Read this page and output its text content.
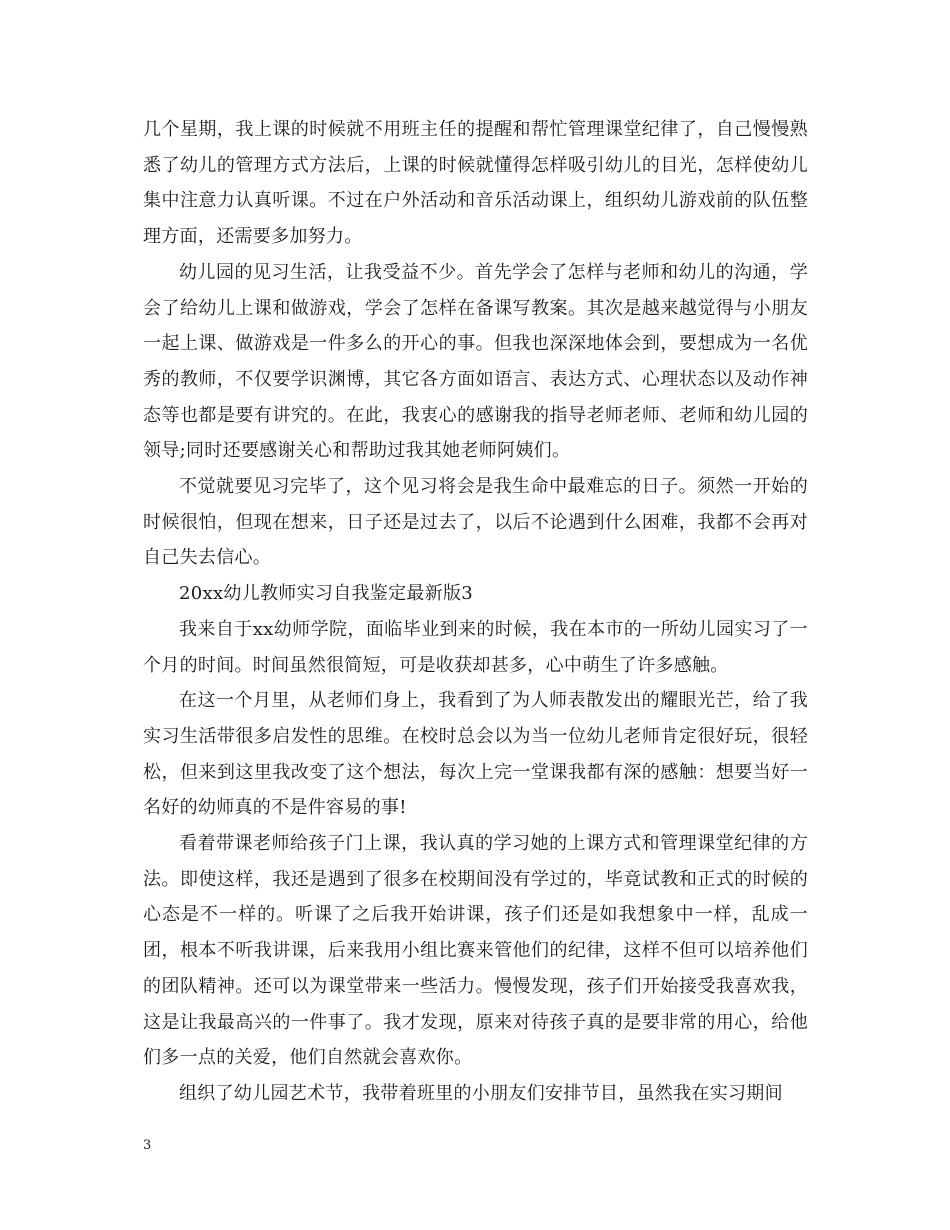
几个星期，我上课的时候就不用班主任的提醒和帮忙管理课堂纪律了，自己慢慢熟悉了幼儿的管理方式方法后，上课的时候就懂得怎样吸引幼儿的目光，怎样使幼儿集中注意力认真听课。不过在户外活动和音乐活动课上，组织幼儿游戏前的队伍整理方面，还需要多加努力。

幼儿园的见习生活，让我受益不少。首先学会了怎样与老师和幼儿的沟通，学会了给幼儿上课和做游戏，学会了怎样在备课写教案。其次是越来越觉得与小朋友一起上课、做游戏是一件多么的开心的事。但我也深深地体会到，要想成为一名优秀的教师，不仅要学识渊博，其它各方面如语言、表达方式、心理状态以及动作神态等也都是要有讲究的。在此，我衷心的感谢我的指导老师老师、老师和幼儿园的领导;同时还要感谢关心和帮助过我其她老师阿姨们。

不觉就要见习完毕了，这个见习将会是我生命中最难忘的日子。须然一开始的时候很怕，但现在想来，日子还是过去了，以后不论遇到什么困难，我都不会再对自己失去信心。

20xx幼儿教师实习自我鉴定最新版3

我来自于xx幼师学院，面临毕业到来的时候，我在本市的一所幼儿园实习了一个月的时间。时间虽然很简短，可是收获却甚多，心中萌生了许多感触。

在这一个月里，从老师们身上，我看到了为人师表散发出的耀眼光芒，给了我实习生活带很多启发性的思维。在校时总会以为当一位幼儿老师肯定很好玩，很轻松，但来到这里我改变了这个想法，每次上完一堂课我都有深的感触：想要当好一名好的幼师真的不是件容易的事!

看着带课老师给孩子门上课，我认真的学习她的上课方式和管理课堂纪律的方法。即使这样，我还是遇到了很多在校期间没有学过的，毕竟试教和正式的时候的心态是不一样的。听课了之后我开始讲课，孩子们还是如我想象中一样，乱成一团，根本不听我讲课，后来我用小组比赛来管他们的纪律，这样不但可以培养他们的团队精神。还可以为课堂带来一些活力。慢慢发现，孩子们开始接受我喜欢我，这是让我最高兴的一件事了。我才发现，原来对待孩子真的是要非常的用心，给他们多一点的关爱，他们自然就会喜欢你。

组织了幼儿园艺术节，我带着班里的小朋友们安排节目，虽然我在实习期间

3
